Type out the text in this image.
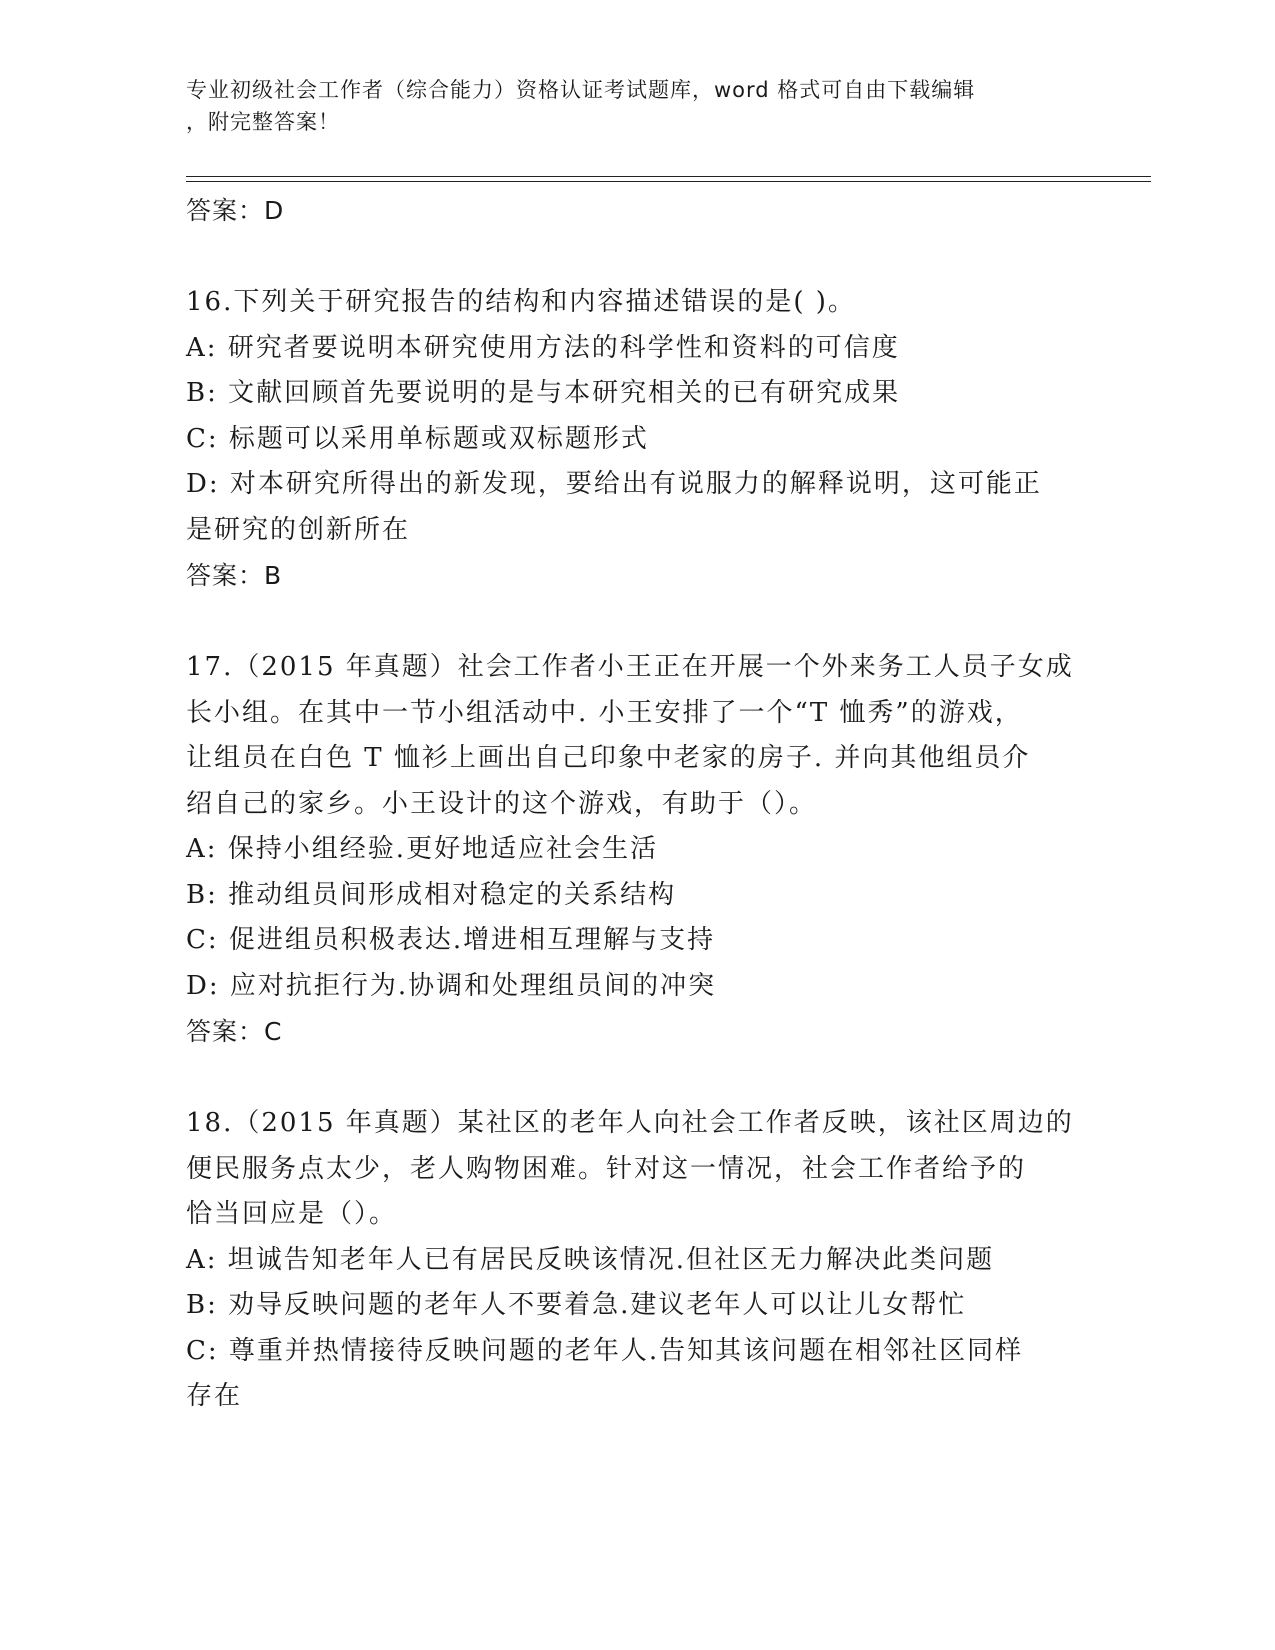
专业初级社会工作者（综合能力）资格认证考试题库，word 格式可自由下载编辑
，附完整答案！
答案：D
16.下列关于研究报告的结构和内容描述错误的是( )。
A: 研究者要说明本研究使用方法的科学性和资料的可信度
B: 文献回顾首先要说明的是与本研究相关的已有研究成果
C: 标题可以采用单标题或双标题形式
D: 对本研究所得出的新发现，要给出有说服力的解释说明，这可能正
是研究的创新所在
答案：B
17.（2015 年真题）社会工作者小王正在开展一个外来务工人员子女成
长小组。在其中一节小组活动中. 小王安排了一个“T 恤秀”的游戏，
让组员在白色 T 恤衫上画出自己印象中老家的房子. 并向其他组员介
绍自己的家乡。小王设计的这个游戏，有助于（）。
A: 保持小组经验.更好地适应社会生活
B: 推动组员间形成相对稳定的关系结构
C: 促进组员积极表达.增进相互理解与支持
D: 应对抗拒行为.协调和处理组员间的冲突
答案：C
18.（2015 年真题）某社区的老年人向社会工作者反映，该社区周边的
便民服务点太少，老人购物困难。针对这一情况，社会工作者给予的
恰当回应是（）。
A: 坦诚告知老年人已有居民反映该情况.但社区无力解决此类问题
B: 劝导反映问题的老年人不要着急.建议老年人可以让儿女帮忙
C: 尊重并热情接待反映问题的老年人.告知其该问题在相邻社区同样
存在
